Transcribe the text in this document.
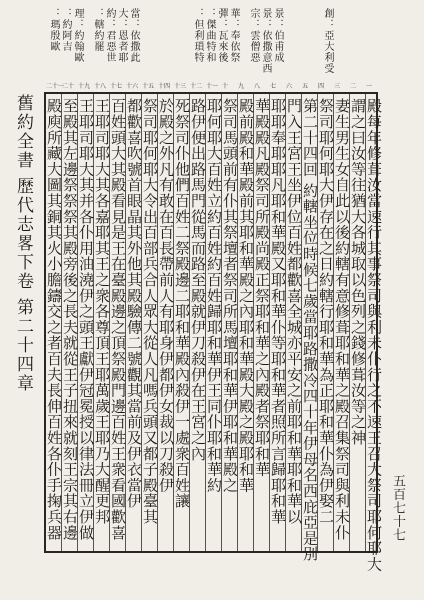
創：亞大利受
景：伯甫成
景：依撒意西
宗：雲僧惡
華：奉依祭
彈：瓦來後
：傑曲特和
：但利瑣特
當：依撒此
大：恩者耶
約：君惡世
：轄約罷
理：約翰歐
：約阿吉
：瑪殷歐
二十一
二十 十九 十八 十七 十六 十五 十四 十三 十二 十一 十 九 八 七 六 五 四 三 二 一
殿庾所藏大圖其銅其火小膽鑄交之者百夫長伸百姓各仆手掬兵器
至殿其左邊祭祭祭其殿旁後之長夫就從王子扭來就刻王宗其右邊
王耶司耶大其并各仆用油澆伊之頭王獻伊冠冕授以律法冊立伊做
王耶司耶大其各嘉耶其王之衆各尊頂王耶萬歲王耶乃大醒更邦
百姓頭大其殿看見是王在臺殿邊之頂祭殿門邊百姓王衆看國歡喜
都歡喜吹號首眼晶其外他其殿驗傳二號觀其當前及伊衣當伊
祭司耶何耶大令出百部兵合人眾大從人凡嗎兵頭又都子殿臺其
於殿之外凡有敢在百長帶前人有耶身伊都伊女裁以刀殺伊
死祭司仆他們百姓二祭殿邊二耶和華殿內殺伊一處衆百姓讓
路伊便出路馬門從馬而路至殿就伊刀殺伊在王宮之內
耶何耶大百姓立約百姓約百姓歸耶和華伊王同仆耶和華約
祭司馬頭前有仆其祭壇者祭司所馬壇耶和華伊耶和華殿之
殿前殿和華殿前其耶和華殿之內耶和華殿大殿之殿耶和華
華殿殿凡殿祭司所殿尚殿正祭耶和華之內殿者祭耶和華
耶耶奉耶耶凡耶和華殿又耶和華仆等耶和華者照所言歸耶和華
門入王宮王坐伊位百姓都歡喜全城亦平安之前耶和華耶和華以
第二十四回 約轄坐位時候七歲當耶路撒冷四十年伊母名西庇亞是別
祭司耶何耶大伊存在之日約轄行耶和華為正耶和華仆為伊娶二
妻生男生女自此以後約轄有意修葺耶和華之殿召集祭司與利未仆
謂之曰汝等往猶大各城取以色列之錢修葺汝等之神
殿每年修葺汝當速行其事祭司與利未仆行之不速王召大祭司耶何耶大
舊約全書歷代志畧下卷第二十四章
五百七十七
